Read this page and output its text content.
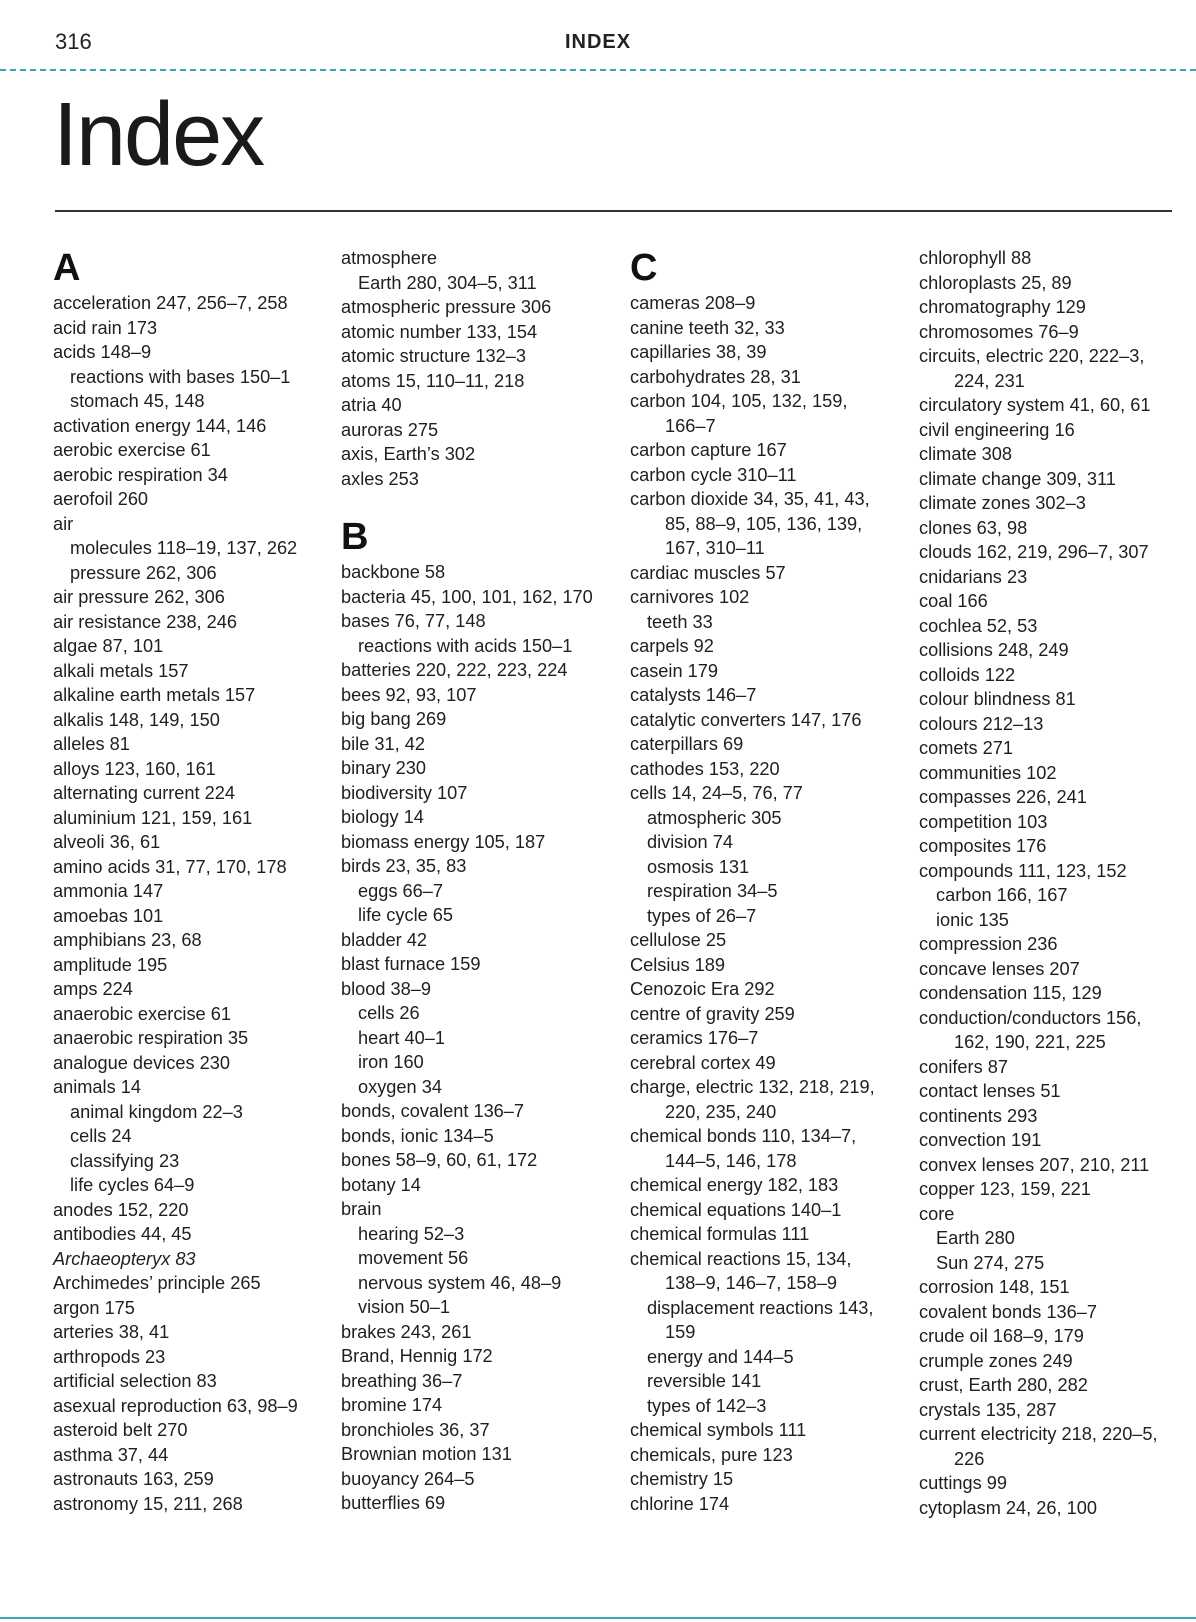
316	INDEX
Index
A
acceleration 247, 256–7, 258
acid rain 173
acids 148–9
reactions with bases 150–1
stomach 45, 148
activation energy 144, 146
aerobic exercise 61
aerobic respiration 34
aerofoil 260
air
molecules 118–19, 137, 262
pressure 262, 306
air pressure 262, 306
air resistance 238, 246
algae 87, 101
alkali metals 157
alkaline earth metals 157
alkalis 148, 149, 150
alleles 81
alloys 123, 160, 161
alternating current 224
aluminium 121, 159, 161
alveoli 36, 61
amino acids 31, 77, 170, 178
ammonia 147
amoebas 101
amphibians 23, 68
amplitude 195
amps 224
anaerobic exercise 61
anaerobic respiration 35
analogue devices 230
animals 14
animal kingdom 22–3
cells 24
classifying 23
life cycles 64–9
anodes 152, 220
antibodies 44, 45
Archaeopteryx 83
Archimedes’ principle 265
argon 175
arteries 38, 41
arthropods 23
artificial selection 83
asexual reproduction 63, 98–9
asteroid belt 270
asthma 37, 44
astronauts 163, 259
astronomy 15, 211, 268
atmosphere
Earth 280, 304–5, 311
atmospheric pressure 306
atomic number 133, 154
atomic structure 132–3
atoms 15, 110–11, 218
atria 40
auroras 275
axis, Earth’s 302
axles 253
B
backbone 58
bacteria 45, 100, 101, 162, 170
bases 76, 77, 148
reactions with acids 150–1
batteries 220, 222, 223, 224
bees 92, 93, 107
big bang 269
bile 31, 42
binary 230
biodiversity 107
biology 14
biomass energy 105, 187
birds 23, 35, 83
eggs 66–7
life cycle 65
bladder 42
blast furnace 159
blood 38–9
cells 26
heart 40–1
iron 160
oxygen 34
bonds, covalent 136–7
bonds, ionic 134–5
bones 58–9, 60, 61, 172
botany 14
brain
hearing 52–3
movement 56
nervous system 46, 48–9
vision 50–1
brakes 243, 261
Brand, Hennig 172
breathing 36–7
bromine 174
bronchioles 36, 37
Brownian motion 131
buoyancy 264–5
butterflies 69
C
cameras 208–9
canine teeth 32, 33
capillaries 38, 39
carbohydrates 28, 31
carbon 104, 105, 132, 159,
166–7
carbon capture 167
carbon cycle 310–11
carbon dioxide 34, 35, 41, 43,
85, 88–9, 105, 136, 139,
167, 310–11
cardiac muscles 57
carnivores 102
teeth 33
carpels 92
casein 179
catalysts 146–7
catalytic converters 147, 176
caterpillars 69
cathodes 153, 220
cells 14, 24–5, 76, 77
atmospheric 305
division 74
osmosis 131
respiration 34–5
types of 26–7
cellulose 25
Celsius 189
Cenozoic Era 292
centre of gravity 259
ceramics 176–7
cerebral cortex 49
charge, electric 132, 218, 219,
220, 235, 240
chemical bonds 110, 134–7,
144–5, 146, 178
chemical energy 182, 183
chemical equations 140–1
chemical formulas 111
chemical reactions 15, 134,
138–9, 146–7, 158–9
displacement reactions 143,
159
energy and 144–5
reversible 141
types of 142–3
chemical symbols 111
chemicals, pure 123
chemistry 15
chlorine 174
chlorophyll 88
chloroplasts 25, 89
chromatography 129
chromosomes 76–9
circuits, electric 220, 222–3,
224, 231
circulatory system 41, 60, 61
civil engineering 16
climate 308
climate change 309, 311
climate zones 302–3
clones 63, 98
clouds 162, 219, 296–7, 307
cnidarians 23
coal 166
cochlea 52, 53
collisions 248, 249
colloids 122
colour blindness 81
colours 212–13
comets 271
communities 102
compasses 226, 241
competition 103
composites 176
compounds 111, 123, 152
carbon 166, 167
ionic 135
compression 236
concave lenses 207
condensation 115, 129
conduction/conductors 156,
162, 190, 221, 225
conifers 87
contact lenses 51
continents 293
convection 191
convex lenses 207, 210, 211
copper 123, 159, 221
core
Earth 280
Sun 274, 275
corrosion 148, 151
covalent bonds 136–7
crude oil 168–9, 179
crumple zones 249
crust, Earth 280, 282
crystals 135, 287
current electricity 218, 220–5,
226
cuttings 99
cytoplasm 24, 26, 100
